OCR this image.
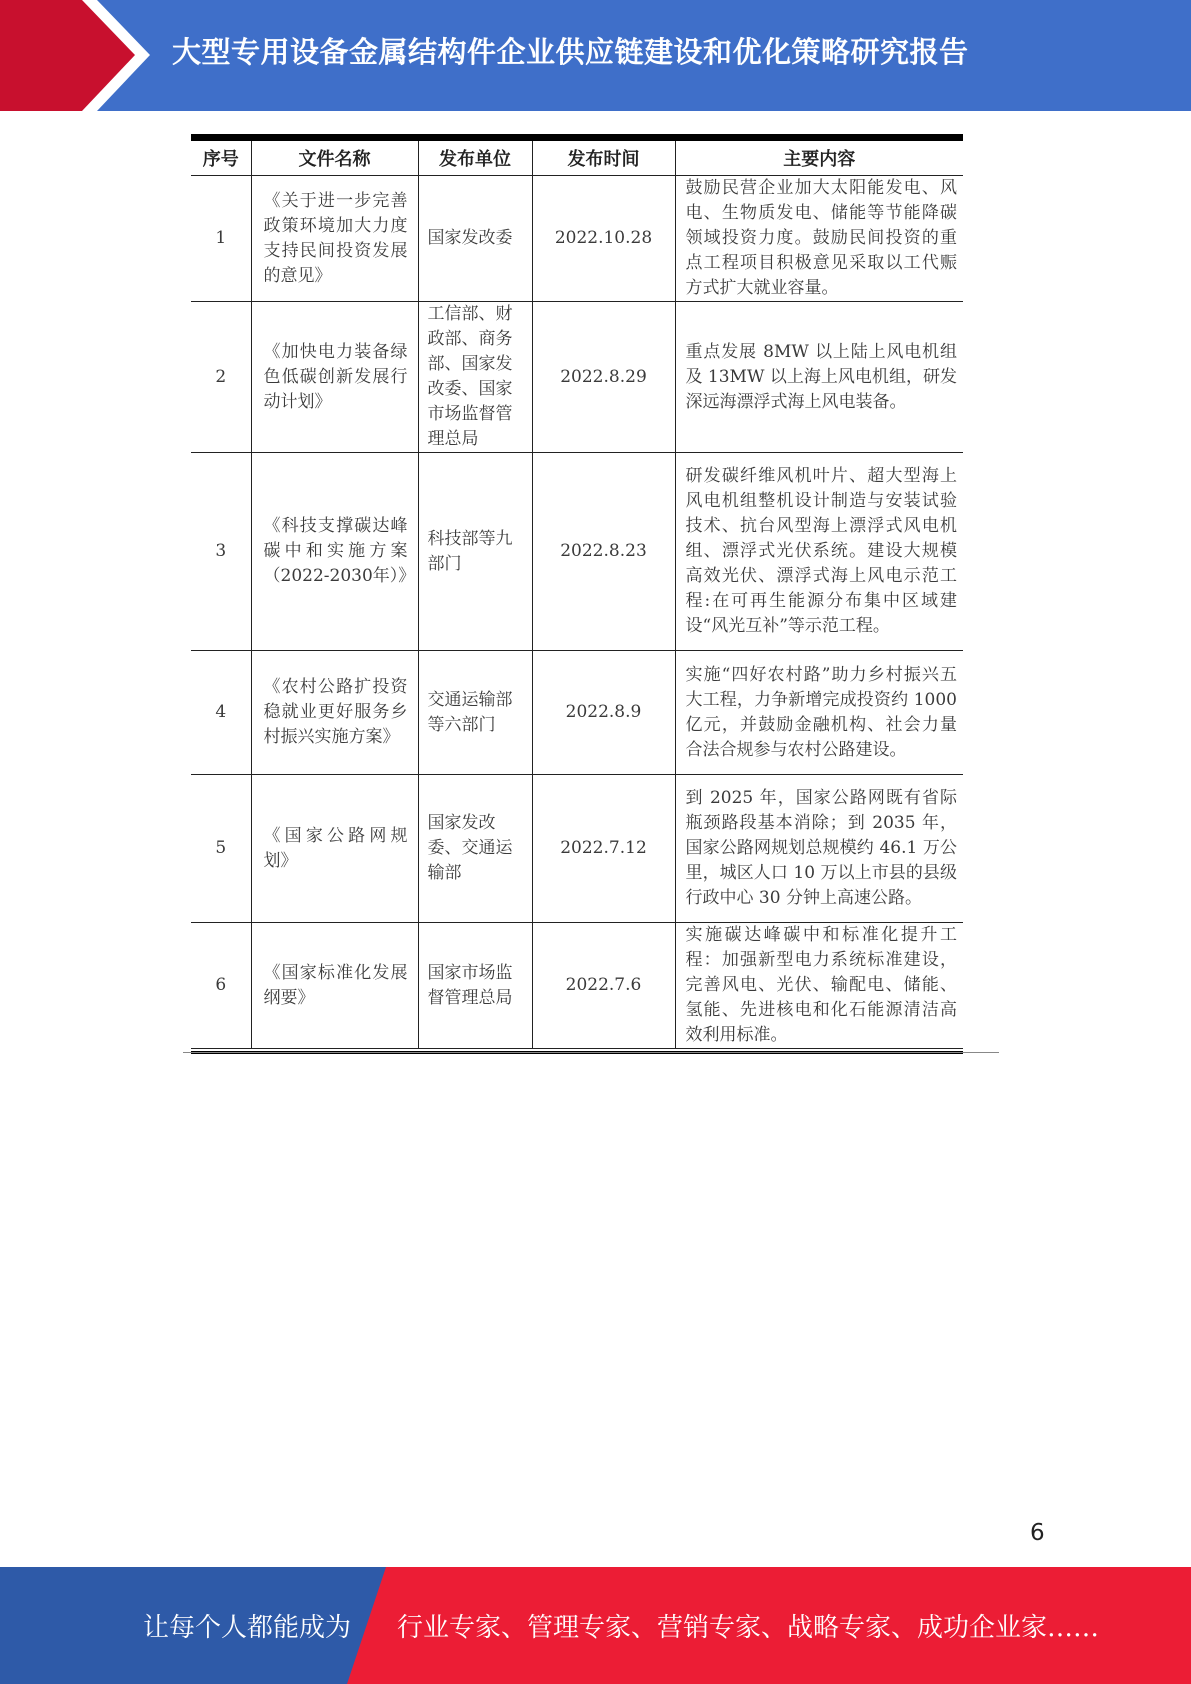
大型专用设备金属结构件企业供应链建设和优化策略研究报告
序号	文件名称	发布单位	发布时间	主要内容
1	《关于进一步完善政策环境加大力度支持民间投资发展的意见》	国家发改委	2022.10.28	鼓励民营企业加大太阳能发电、风电、生物质发电、储能等节能降碳领域投资力度。鼓励民间投资的重点工程项目积极意见采取以工代赈方式扩大就业容量。
2	《加快电力装备绿色低碳创新发展行动计划》	工信部、财政部、商务部、国家发改委、国家市场监督管理总局	2022.8.29	重点发展 8MW 以上陆上风电机组及 13MW 以上海上风电机组，研发深远海漂浮式海上风电装备。
3	《科技支撑碳达峰碳中和实施方案（2022-2030年）》	科技部等九部门	2022.8.23	研发碳纤维风机叶片、超大型海上风电机组整机设计制造与安装试验技术、抗台风型海上漂浮式风电机组、漂浮式光伏系统。建设大规模高效光伏、漂浮式海上风电示范工程:在可再生能源分布集中区域建设“风光互补”等示范工程。
4	《农村公路扩投资稳就业更好服务乡村振兴实施方案》	交通运输部等六部门	2022.8.9	实施“四好农村路”助力乡村振兴五大工程，力争新增完成投资约 1000 亿元，并鼓励金融机构、社会力量合法合规参与农村公路建设。
5	《国家公路网规划》	国家发改委、交通运输部	2022.7.12	到 2025 年，国家公路网既有省际瓶颈路段基本消除；到 2035 年，国家公路网规划总规模约 46.1 万公里，城区人口 10 万以上市县的县级行政中心 30 分钟上高速公路。
6	《国家标准化发展纲要》	国家市场监督管理总局	2022.7.6	实施碳达峰碳中和标准化提升工程：加强新型电力系统标准建设，完善风电、光伏、输配电、储能、氢能、先进核电和化石能源清洁高效利用标准。
6
让每个人都能成为 行业专家、管理专家、营销专家、战略专家、成功企业家……
